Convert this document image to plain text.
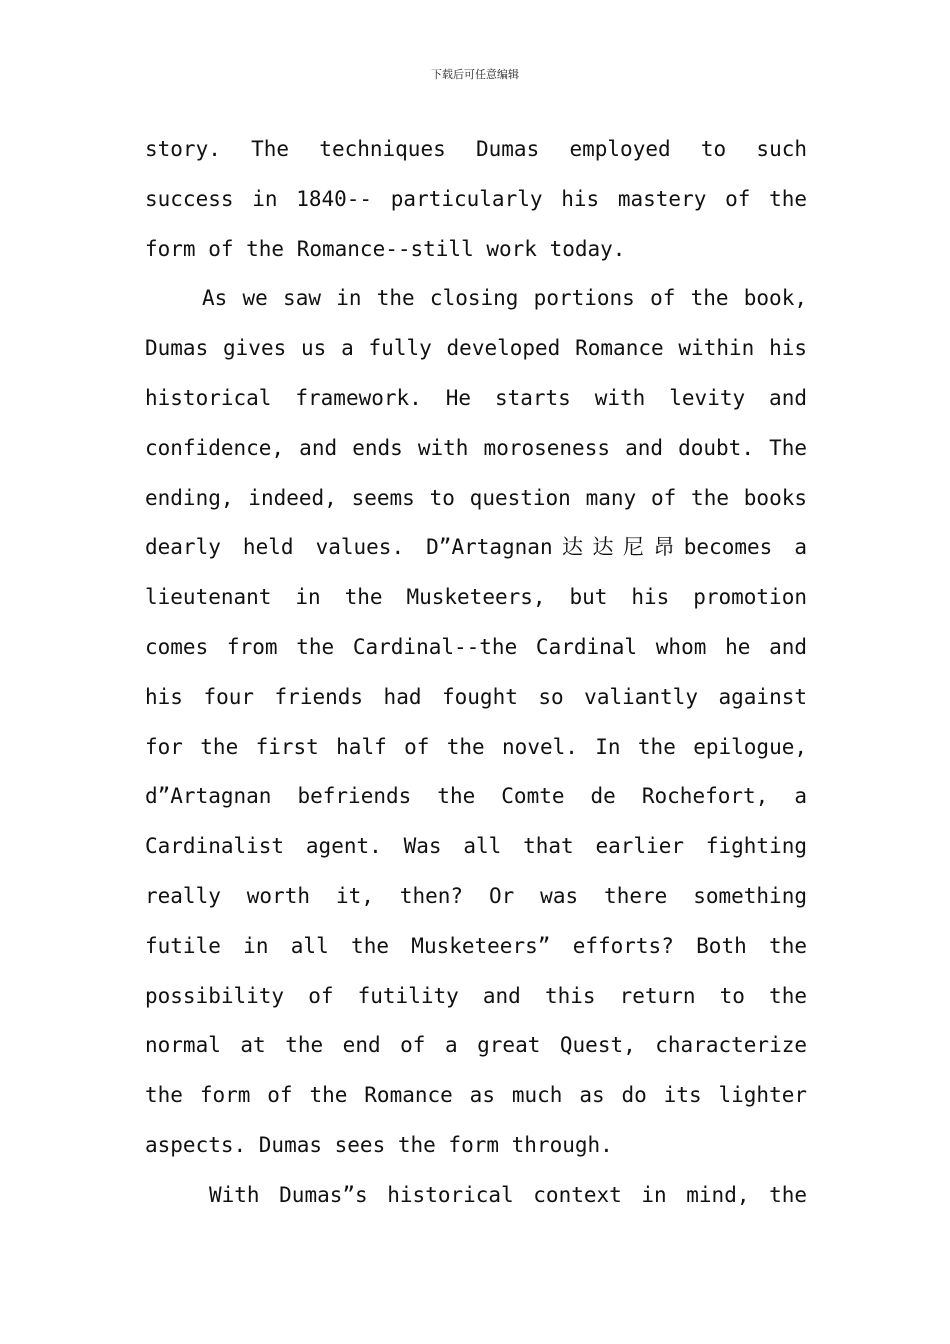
下载后可任意编辑
story. The techniques Dumas employed to such
success in 1840-- particularly his mastery of the
form of the Romance--still work today.
As we saw in the closing portions of the book,
Dumas gives us a fully developed Romance within his
historical framework. He starts with levity and
confidence, and ends with moroseness and doubt. The
ending, indeed, seems to question many of the books
dearly held values. D”Artagnan达达尼昂becomes a
lieutenant in the Musketeers, but his promotion
comes from the Cardinal--the Cardinal whom he and
his four friends had fought so valiantly against
for the first half of the novel. In the epilogue,
d”Artagnan befriends the Comte de Rochefort, a
Cardinalist agent. Was all that earlier fighting
really worth it, then? Or was there something
futile in all the Musketeers” efforts? Both the
possibility of futility and this return to the
normal at the end of a great Quest, characterize
the form of the Romance as much as do its lighter
aspects. Dumas sees the form through.
With Dumas”s historical context in mind, the
